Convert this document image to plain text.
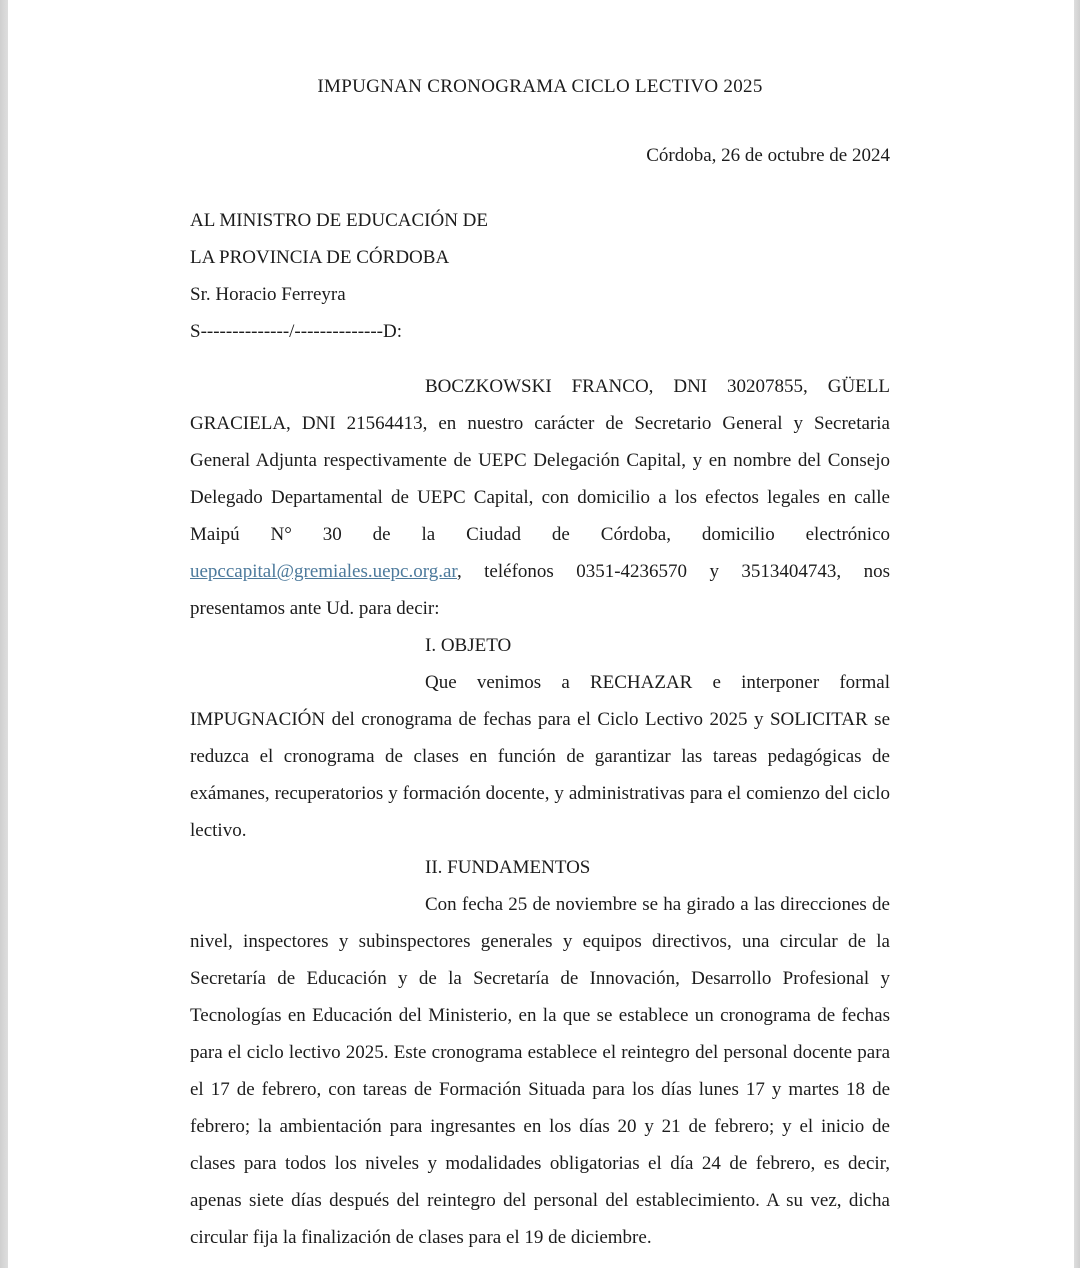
IMPUGNAN CRONOGRAMA CICLO LECTIVO 2025
Córdoba, 26 de octubre de 2024
AL MINISTRO DE EDUCACIÓN DE
LA PROVINCIA DE CÓRDOBA
Sr. Horacio Ferreyra
S--------------/--------------D:

BOCZKOWSKI FRANCO, DNI 30207855, GÜELL GRACIELA, DNI 21564413, en nuestro carácter de Secretario General y Secretaria General Adjunta respectivamente de UEPC Delegación Capital, y en nombre del Consejo Delegado Departamental de UEPC Capital, con domicilio a los efectos legales en calle Maipú N° 30 de la Ciudad de Córdoba, domicilio electrónico uepccapital@gremiales.uepc.org.ar, teléfonos 0351-4236570 y 3513404743, nos presentamos ante Ud. para decir:

I. OBJETO

Que venimos a RECHAZAR e interponer formal IMPUGNACIÓN del cronograma de fechas para el Ciclo Lectivo 2025 y SOLICITAR se reduzca el cronograma de clases en función de garantizar las tareas pedagógicas de exámanes, recuperatorios y formación docente, y administrativas para el comienzo del ciclo lectivo.

II. FUNDAMENTOS

Con fecha 25 de noviembre se ha girado a las direcciones de nivel, inspectores y subinspectores generales y equipos directivos, una circular de la Secretaría de Educación y de la Secretaría de Innovación, Desarrollo Profesional y Tecnologías en Educación del Ministerio, en la que se establece un cronograma de fechas para el ciclo lectivo 2025. Este cronograma establece el reintegro del personal docente para el 17 de febrero, con tareas de Formación Situada para los días lunes 17 y martes 18 de febrero; la ambientación para ingresantes en los días 20 y 21 de febrero; y el inicio de clases para todos los niveles y modalidades obligatorias el día 24 de febrero, es decir, apenas siete días después del reintegro del personal del establecimiento. A su vez, dicha circular fija la finalización de clases para el 19 de diciembre.
